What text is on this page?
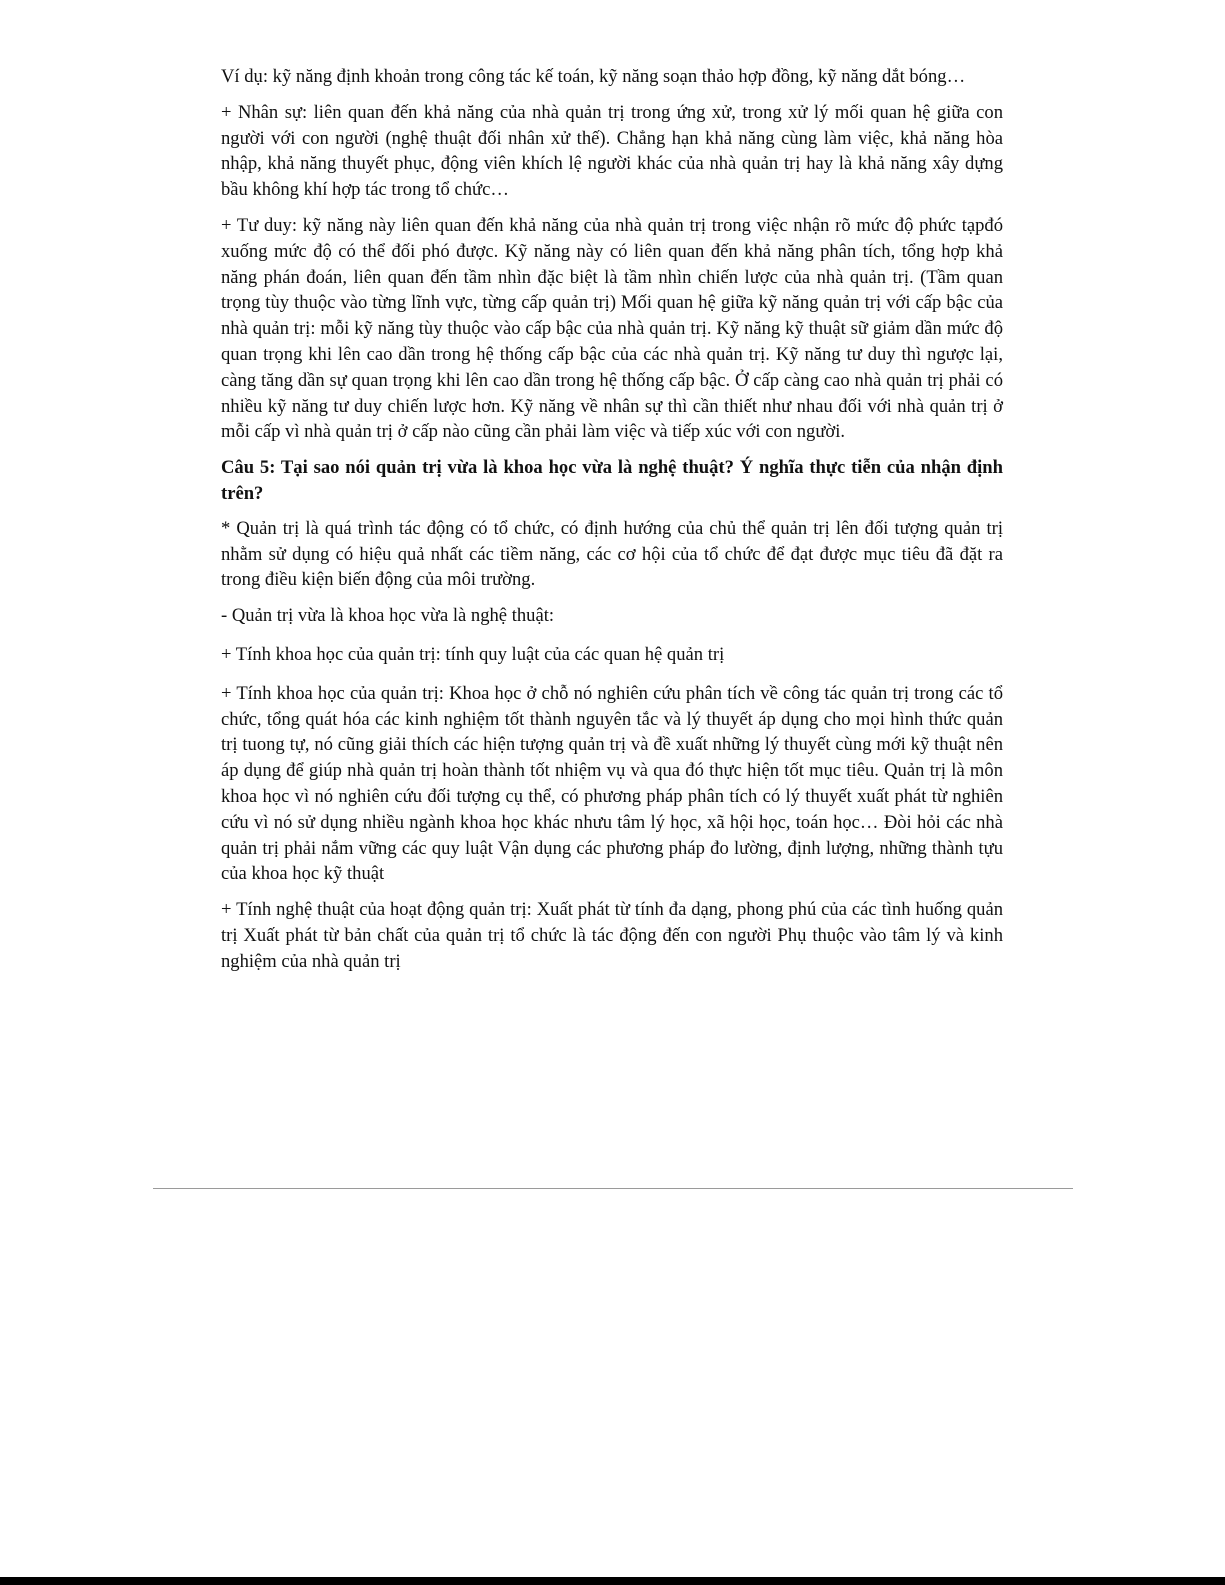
Ví dụ: kỹ năng định khoản trong công tác kế toán, kỹ năng soạn thảo hợp đồng, kỹ năng dắt bóng…

+ Nhân sự: liên quan đến khả năng của nhà quản trị trong ứng xử, trong xử lý mối quan hệ giữa con người với con người (nghệ thuật đối nhân xử thế). Chẳng hạn khả năng cùng làm việc, khả năng hòa nhập, khả năng thuyết phục, động viên khích lệ người khác của nhà quản trị hay là khả năng xây dựng bầu không khí hợp tác trong tổ chức…

+ Tư duy: kỹ năng này liên quan đến khả năng của nhà quản trị trong việc nhận rõ mức độ phức tạpđó xuống mức độ có thể đối phó được. Kỹ năng này có liên quan đến khả năng phân tích, tổng hợp khả năng phán đoán, liên quan đến tầm nhìn đặc biệt là tầm nhìn chiến lược của nhà quản trị. (Tầm quan trọng tùy thuộc vào từng lĩnh vực, từng cấp quản trị) Mối quan hệ giữa kỹ năng quản trị với cấp bậc của nhà quản trị: mỗi kỹ năng tùy thuộc vào cấp bậc của nhà quản trị. Kỹ năng kỹ thuật sữ giảm dần mức độ quan trọng khi lên cao dần trong hệ thống cấp bậc của các nhà quản trị. Kỹ năng tư duy thì ngược lại, càng tăng dần sự quan trọng khi lên cao dần trong hệ thống cấp bậc. Ở cấp càng cao nhà quản trị phải có nhiều kỹ năng tư duy chiến lược hơn. Kỹ năng về nhân sự thì cần thiết như nhau đối với nhà quản trị ở mỗi cấp vì nhà quản trị ở cấp nào cũng cần phải làm việc và tiếp xúc với con người.

Câu 5: Tại sao nói quản trị vừa là khoa học vừa là nghệ thuật? Ý nghĩa thực tiễn của nhận định trên?

* Quản trị là quá trình tác động có tổ chức, có định hướng của chủ thể quản trị lên đối tượng quản trị nhằm sử dụng có hiệu quả nhất các tiềm năng, các cơ hội của tổ chức để đạt được mục tiêu đã đặt ra trong điều kiện biến động của môi trường.

- Quản trị vừa là khoa học vừa là nghệ thuật:

+ Tính khoa học của quản trị: tính quy luật của các quan hệ quản trị

+ Tính khoa học của quản trị: Khoa học ở chỗ nó nghiên cứu phân tích về công tác quản trị trong các tổ chức, tổng quát hóa các kinh nghiệm tốt thành nguyên tắc và lý thuyết áp dụng cho mọi hình thức quản trị tuong tự, nó cũng giải thích các hiện tượng quản trị và đề xuất những lý thuyết cùng mới kỹ thuật nên áp dụng để giúp nhà quản trị hoàn thành tốt nhiệm vụ và qua đó thực hiện tốt mục tiêu. Quản trị là môn khoa học vì nó nghiên cứu đối tượng cụ thể, có phương pháp phân tích có lý thuyết xuất phát từ nghiên cứu vì nó sử dụng nhiều ngành khoa học khác nhưu tâm lý học, xã hội học, toán học… Đòi hỏi các nhà quản trị phải nắm vững các quy luật Vận dụng các phương pháp đo lường, định lượng, những thành tựu của khoa học kỹ thuật

+ Tính nghệ thuật của hoạt động quản trị: Xuất phát từ tính đa dạng, phong phú của các tình huống quản trị Xuất phát từ bản chất của quản trị tổ chức là tác động đến con người Phụ thuộc vào tâm lý và kinh nghiệm của nhà quản trị
